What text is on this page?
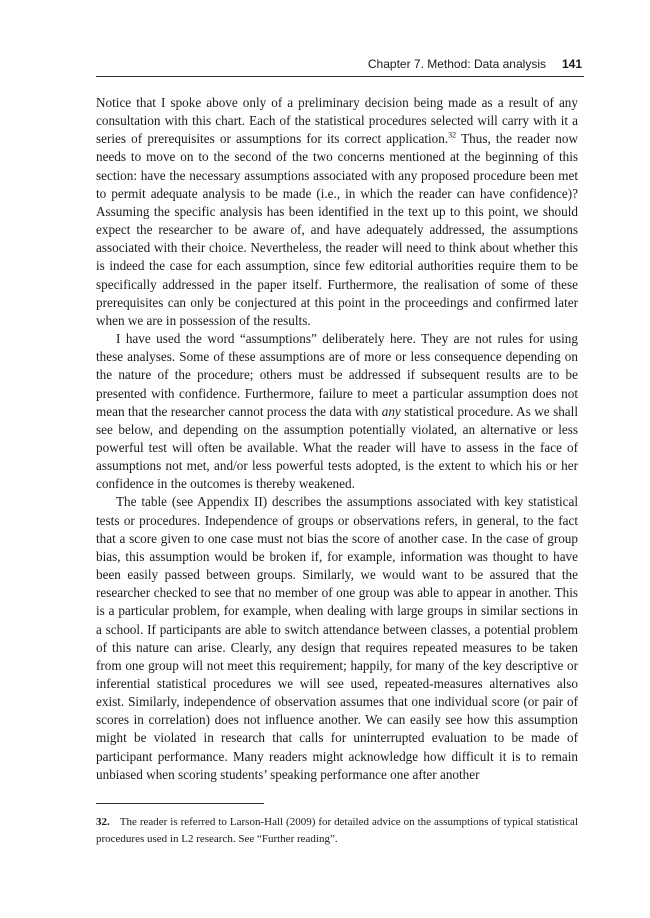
Chapter 7. Method: Data analysis 141

Notice that I spoke above only of a preliminary decision being made as a result of any consultation with this chart. Each of the statistical procedures selected will carry with it a series of prerequisites or assumptions for its correct application.$^{32}$ Thus, the reader now needs to move on to the second of the two concerns mentioned at the beginning of this section: have the necessary assumptions associated with any proposed procedure been met to permit adequate analysis to be made (i.e., in which the reader can have confidence)? Assuming the specific analysis has been identified in the text up to this point, we should expect the researcher to be aware of, and have adequately addressed, the assumptions associated with their choice. Nevertheless, the reader will need to think about whether this is indeed the case for each assumption, since few editorial authorities require them to be specifically addressed in the paper itself. Furthermore, the realisation of some of these prerequisites can only be conjectured at this point in the proceedings and confirmed later when we are in possession of the results.

I have used the word “assumptions” deliberately here. They are not rules for using these analyses. Some of these assumptions are of more or less consequence depending on the nature of the procedure; others must be addressed if subsequent results are to be presented with confidence. Furthermore, failure to meet a particular assumption does not mean that the researcher cannot process the data with any statistical procedure. As we shall see below, and depending on the assumption potentially violated, an alternative or less powerful test will often be available. What the reader will have to assess in the face of assumptions not met, and/or less powerful tests adopted, is the extent to which his or her confidence in the outcomes is thereby weakened.

The table (see Appendix II) describes the assumptions associated with key statistical tests or procedures. Independence of groups or observations refers, in general, to the fact that a score given to one case must not bias the score of another case. In the case of group bias, this assumption would be broken if, for example, information was thought to have been easily passed between groups. Similarly, we would want to be assured that the researcher checked to see that no member of one group was able to appear in another. This is a particular problem, for example, when dealing with large groups in similar sections in a school. If participants are able to switch attendance between classes, a potential problem of this nature can arise. Clearly, any design that requires repeated measures to be taken from one group will not meet this requirement; happily, for many of the key descriptive or inferential statistical procedures we will see used, repeated-measures alternatives also exist. Similarly, independence of observation assumes that one individual score (or pair of scores in correlation) does not influence another. We can easily see how this assumption might be violated in research that calls for uninterrupted evaluation to be made of participant performance. Many readers might acknowledge how difficult it is to remain unbiased when scoring students’ speaking performance one after another

32. The reader is referred to Larson-Hall (2009) for detailed advice on the assumptions of typical statistical procedures used in L2 research. See “Further reading”.
